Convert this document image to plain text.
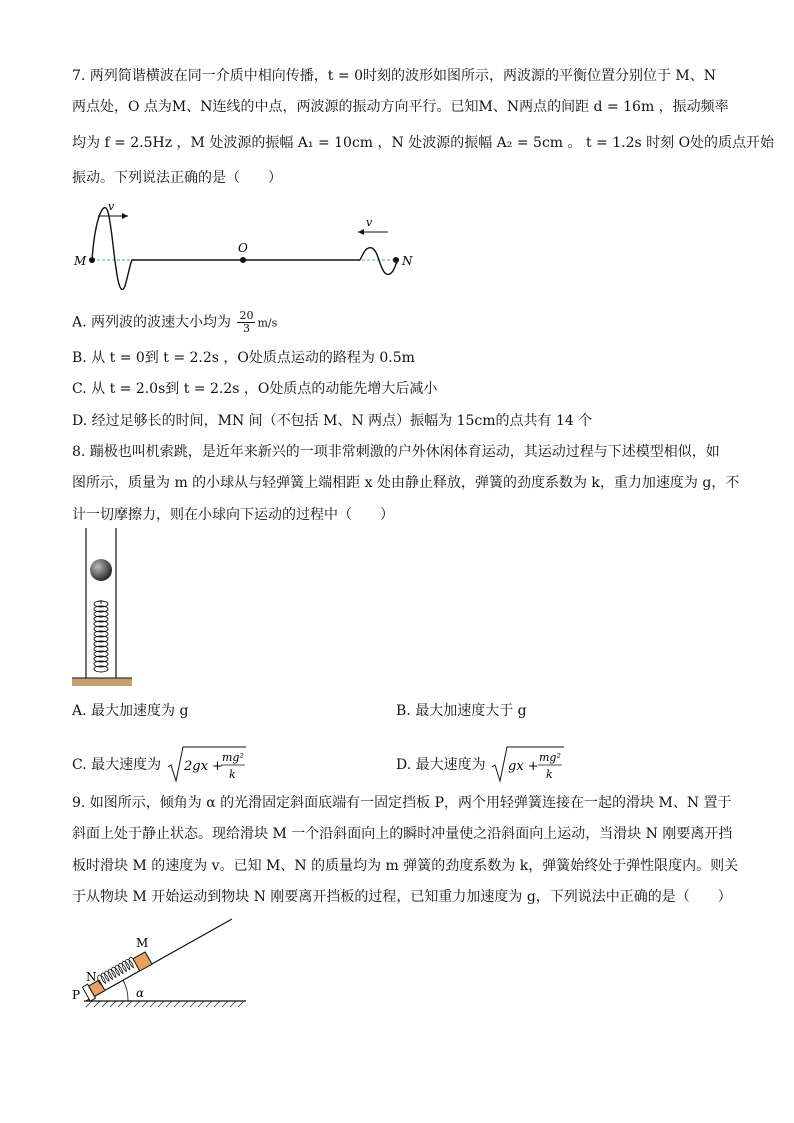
7. 两列简谐横波在同一介质中相向传播，t = 0时刻的波形如图所示，两波源的平衡位置分别位于 M、N
两点处，O 点为M、N连线的中点，两波源的振动方向平行。已知M、N两点的间距 d = 16m ，振动频率
均为 f = 2.5Hz ，M 处波源的振幅 A₁ = 10cm ，N 处波源的振幅 A₂ = 5cm 。 t = 1.2s 时刻 O处的质点开始
振动。下列说法正确的是（　　）
M
O
N
v
v
A. 两列波的波速大小均为 $\frac{20}{3} m/s$
B. 从 t = 0到 t = 2.2s ，O处质点运动的路程为 0.5m
C. 从 t = 2.0s到 t = 2.2s ，O处质点的动能先增大后减小
D. 经过足够长的时间，MN 间（不包括 M、N 两点）振幅为 15cm的点共有 14 个
8. 蹦极也叫机索跳，是近年来新兴的一项非常刺激的户外休闲体育运动，其运动过程与下述模型相似，如
图所示，质量为 m 的小球从与轻弹簧上端相距 x 处由静止释放，弹簧的劲度系数为 k，重力加速度为 g，不
计一切摩擦力，则在小球向下运动的过程中（　　）
A. 最大加速度为 g	B. 最大加速度大于 g
C. 最大速度为 2gx +
mg²
k
D. 最大速度为 gx +
mg²
k
9. 如图所示，倾角为 α 的光滑固定斜面底端有一固定挡板 P，两个用轻弹簧连接在一起的滑块 M、N 置于
斜面上处于静止状态。现给滑块 M 一个沿斜面向上的瞬时冲量使之沿斜面向上运动，当滑块 N 刚要离开挡
板时滑块 M 的速度为 v。已知 M、N 的质量均为 m 弹簧的劲度系数为 k，弹簧始终处于弹性限度内。则关
于从物块 M 开始运动到物块 N 刚要离开挡板的过程，已知重力加速度为 g，下列说法中正确的是（　　）
α
P
N
M
